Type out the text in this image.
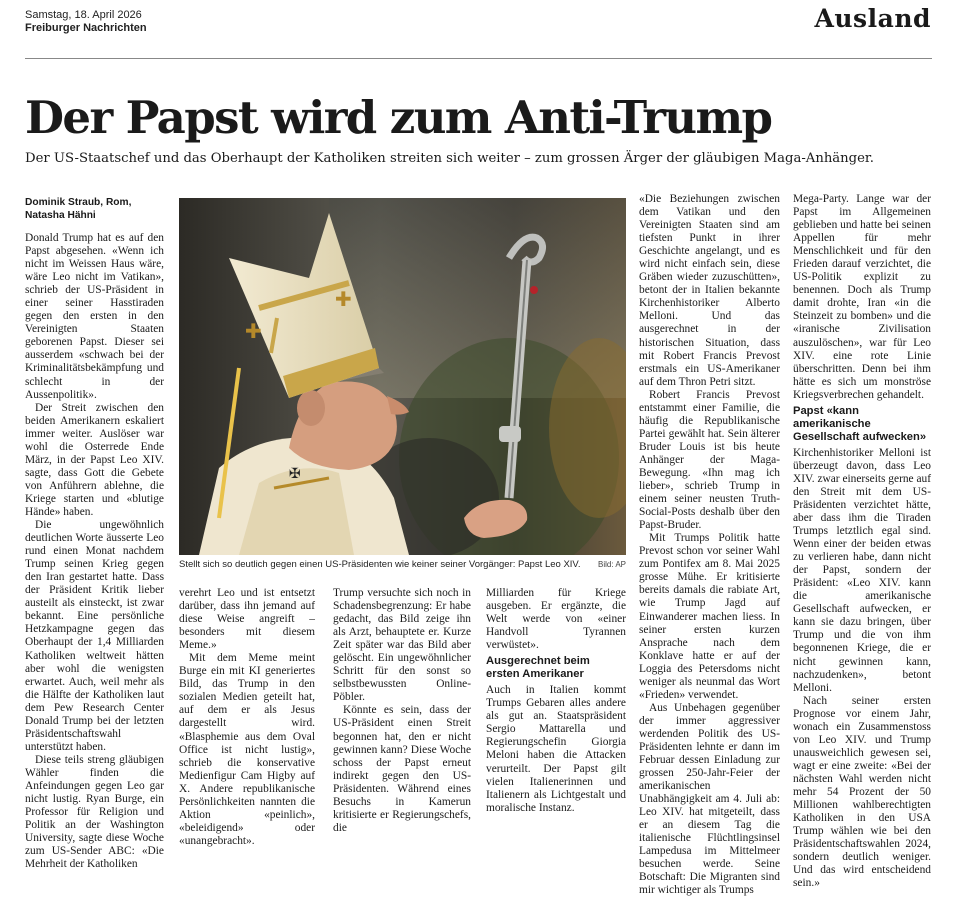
Samstag, 18. April 2026
Freiburger Nachrichten	Ausland
Der Papst wird zum Anti-Trump
Der US-Staatschef und das Oberhaupt der Katholiken streiten sich weiter – zum grossen Ärger der gläubigen Maga-Anhänger.
Dominik Straub, Rom,
Natasha Hähni
✠
✚
✚
Stellt sich so deutlich gegen einen US-Präsidenten wie keiner seiner Vorgänger: Papst Leo XIV. Bild: AP

Donald Trump hat es auf den Papst abgesehen. «Wenn ich nicht im Weissen Haus wäre, wäre Leo nicht im Vatikan», schrieb der US-Präsident in einer seiner Hasstiraden gegen den ersten in den Vereinigten Staaten geborenen Papst. Dieser sei ausserdem «schwach bei der Kriminalitätsbekämpfung und schlecht in der Aussenpolitik».

Der Streit zwischen den beiden Amerikanern eskaliert immer weiter. Auslöser war wohl die Osterrede Ende März, in der Papst Leo XIV. sagte, dass Gott die Gebete von Anführern ablehne, die Kriege starten und «blutige Hände» haben.

Die ungewöhnlich deutlichen Worte äusserte Leo rund einen Monat nachdem Trump seinen Krieg gegen den Iran gestartet hatte. Dass der Präsident Kritik lieber austeilt als einsteckt, ist zwar bekannt. Eine persönliche Hetzkampagne gegen das Oberhaupt der 1,4 Milliarden Katholiken weltweit hätten aber wohl die wenigsten erwartet. Auch, weil mehr als die Hälfte der Katholiken laut dem Pew Research Center Donald Trump bei der letzten Präsidentschaftswahl unterstützt haben.

Diese teils streng gläubigen Wähler finden die Anfeindungen gegen Leo gar nicht lustig. Ryan Burge, ein Professor für Religion und Politik an der Washington University, sagte diese Woche zum US-Sender ABC: «Die Mehrheit der Katholiken

verehrt Leo und ist entsetzt darüber, dass ihn jemand auf diese Weise angreift – besonders mit diesem Meme.»

Mit dem Meme meint Burge ein mit KI generiertes Bild, das Trump in den sozialen Medien geteilt hat, auf dem er als Jesus dargestellt wird. «Blasphemie aus dem Oval Office ist nicht lustig», schrieb die konservative Medienfigur Cam Higby auf X. Andere republikanische Persönlichkeiten nannten die Aktion «peinlich», «beleidigend» oder «unangebracht».

Trump versuchte sich noch in Schadensbegrenzung: Er habe gedacht, das Bild zeige ihn als Arzt, behauptete er. Kurze Zeit später war das Bild aber gelöscht. Ein ungewöhnlicher Schritt für den sonst so selbstbewussten Online-Pöbler.

Könnte es sein, dass der US-Präsident einen Streit begonnen hat, den er nicht gewinnen kann? Diese Woche schoss der Papst erneut indirekt gegen den US-Präsidenten. Während eines Besuchs in Kamerun kritisierte er Regierungschefs, die

Milliarden für Kriege ausgeben. Er ergänzte, die Welt werde von «einer Handvoll Tyrannen verwüstet».

Ausgerechnet beim ersten Amerikaner

Auch in Italien kommt Trumps Gebaren alles andere als gut an. Staatspräsident Sergio Mattarella und Regierungschefin Giorgia Meloni haben die Attacken verurteilt. Der Papst gilt vielen Italienerinnen und Italienern als Lichtgestalt und moralische Instanz.

«Die Beziehungen zwischen dem Vatikan und den Vereinigten Staaten sind am tiefsten Punkt in ihrer Geschichte angelangt, und es wird nicht einfach sein, diese Gräben wieder zuzuschütten», betont der in Italien bekannte Kirchenhistoriker Alberto Melloni. Und das ausgerechnet in der historischen Situation, dass mit Robert Francis Prevost erstmals ein US-Amerikaner auf dem Thron Petri sitzt.

Robert Francis Prevost entstammt einer Familie, die häufig die Republikanische Partei gewählt hat. Sein älterer Bruder Louis ist bis heute Anhänger der Maga-Bewegung. «Ihn mag ich lieber», schrieb Trump in einem seiner neusten Truth-Social-Posts deshalb über den Papst-Bruder.

Mit Trumps Politik hatte Prevost schon vor seiner Wahl zum Pontifex am 8. Mai 2025 grosse Mühe. Er kritisierte bereits damals die rabiate Art, wie Trump Jagd auf Einwanderer machen liess. In seiner ersten kurzen Ansprache nach dem Konklave hatte er auf der Loggia des Petersdoms nicht weniger als neunmal das Wort «Frieden» verwendet.

Aus Unbehagen gegenüber der immer aggressiver werdenden Politik des US-Präsidenten lehnte er dann im Februar dessen Einladung zur grossen 250-Jahr-Feier der amerikanischen Unabhängigkeit am 4. Juli ab: Leo XIV. hat mitgeteilt, dass er an diesem Tag die italienische Flüchtlingsinsel Lampedusa im Mittelmeer besuchen werde. Seine Botschaft: Die Migranten sind mir wichtiger als Trumps

Mega-Party. Lange war der Papst im Allgemeinen geblieben und hatte bei seinen Appellen für mehr Menschlichkeit und für den Frieden darauf verzichtet, die US-Politik explizit zu benennen. Doch als Trump damit drohte, Iran «in die Steinzeit zu bomben» und die «iranische Zivilisation auszulöschen», war für Leo XIV. eine rote Linie überschritten. Denn bei ihm hätte es sich um monströse Kriegsverbrechen gehandelt.

Papst «kann amerikanische Gesellschaft aufwecken»

Kirchenhistoriker Melloni ist überzeugt davon, dass Leo XIV. zwar einerseits gerne auf den Streit mit dem US-Präsidenten verzichtet hätte, aber dass ihm die Tiraden Trumps letztlich egal sind. Wenn einer der beiden etwas zu verlieren habe, dann nicht der Papst, sondern der Präsident: «Leo XIV. kann die amerikanische Gesellschaft aufwecken, er kann sie dazu bringen, über Trump und die von ihm begonnenen Kriege, die er nicht gewinnen kann, nachzudenken», betont Melloni.

Nach seiner ersten Prognose vor einem Jahr, wonach ein Zusammenstoss von Leo XIV. und Trump unausweichlich gewesen sei, wagt er eine zweite: «Bei der nächsten Wahl werden nicht mehr 54 Prozent der 50 Millionen wahlberechtigten Katholiken in den USA Trump wählen wie bei den Präsidentschaftswahlen 2024, sondern deutlich weniger. Und das wird entscheidend sein.»
